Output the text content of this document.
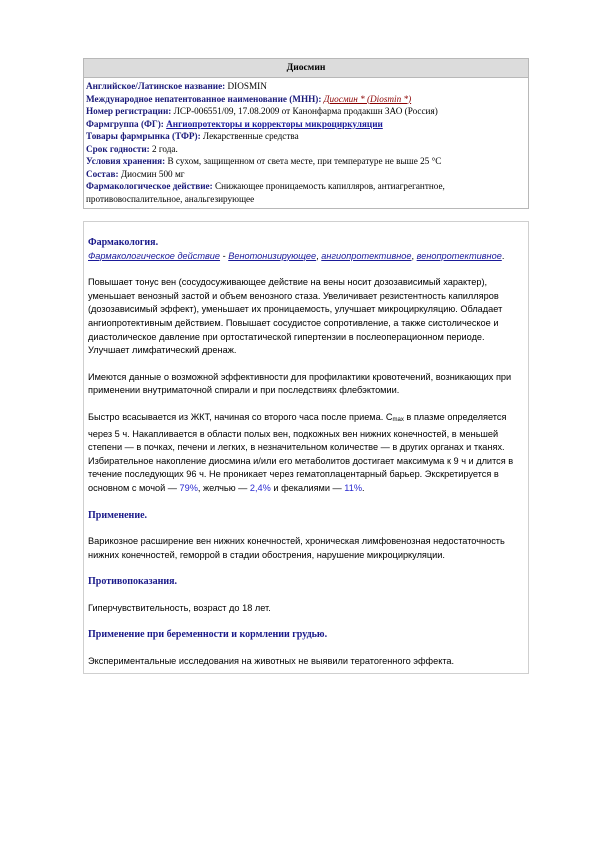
Диосмин
Английское/Латинское название: DIOSMIN
Международное непатентованное наименование (МНН): Диосмин * (Diosmin *)
Номер регистрации: ЛСР-006551/09, 17.08.2009 от Канонфарма продакшн ЗАО (Россия)
Фармгруппа (ФГ): Ангиопротекторы и корректоры микроциркуляции
Товары фармрынка (ТФР): Лекарственные средства
Срок годности: 2 года.
Условия хранения: В сухом, защищенном от света месте, при температуре не выше 25 °С
Состав: Диосмин 500 мг
Фармакологическое действие: Снижающее проницаемость капилляров, антиагрегантное, противовоспалительное, анальгезирующее
Фармакология.

Фармакологическое действие - Венотонизирующее, ангиопротективное, венопротективное.

Повышает тонус вен (сосудосуживающее действие на вены носит дозозависимый характер), уменьшает венозный застой и объем венозного стаза. Увеличивает резистентность капилляров (дозозависимый эффект), уменьшает их проницаемость, улучшает микроциркуляцию. Обладает ангиопротективным действием. Повышает сосудистое сопротивление, а также систолическое и диастолическое давление при ортостатической гипертензии в послеоперационном периоде. Улучшает лимфатический дренаж.

Имеются данные о возможной эффективности для профилактики кровотечений, возникающих при применении внутриматочной спирали и при последствиях флебэктомии.

Быстро всасывается из ЖКТ, начиная со второго часа после приема. Cmax в плазме определяется через 5 ч. Накапливается в области полых вен, подкожных вен нижних конечностей, в меньшей степени — в почках, печени и легких, в незначительном количестве — в других органах и тканях. Избирательное накопление диосмина и/или его метаболитов достигает максимума к 9 ч и длится в течение последующих 96 ч. Не проникает через гематоплацентарный барьер. Экскретируется в основном с мочой — 79%, желчью — 2,4% и фекалиями — 11%.

Применение.

Варикозное расширение вен нижних конечностей, хроническая лимфовенозная недостаточность нижних конечностей, геморрой в стадии обострения, нарушение микроциркуляции.

Противопоказания.

Гиперчувствительность, возраст до 18 лет.

Применение при беременности и кормлении грудью.

Экспериментальные исследования на животных не выявили тератогенного эффекта.
